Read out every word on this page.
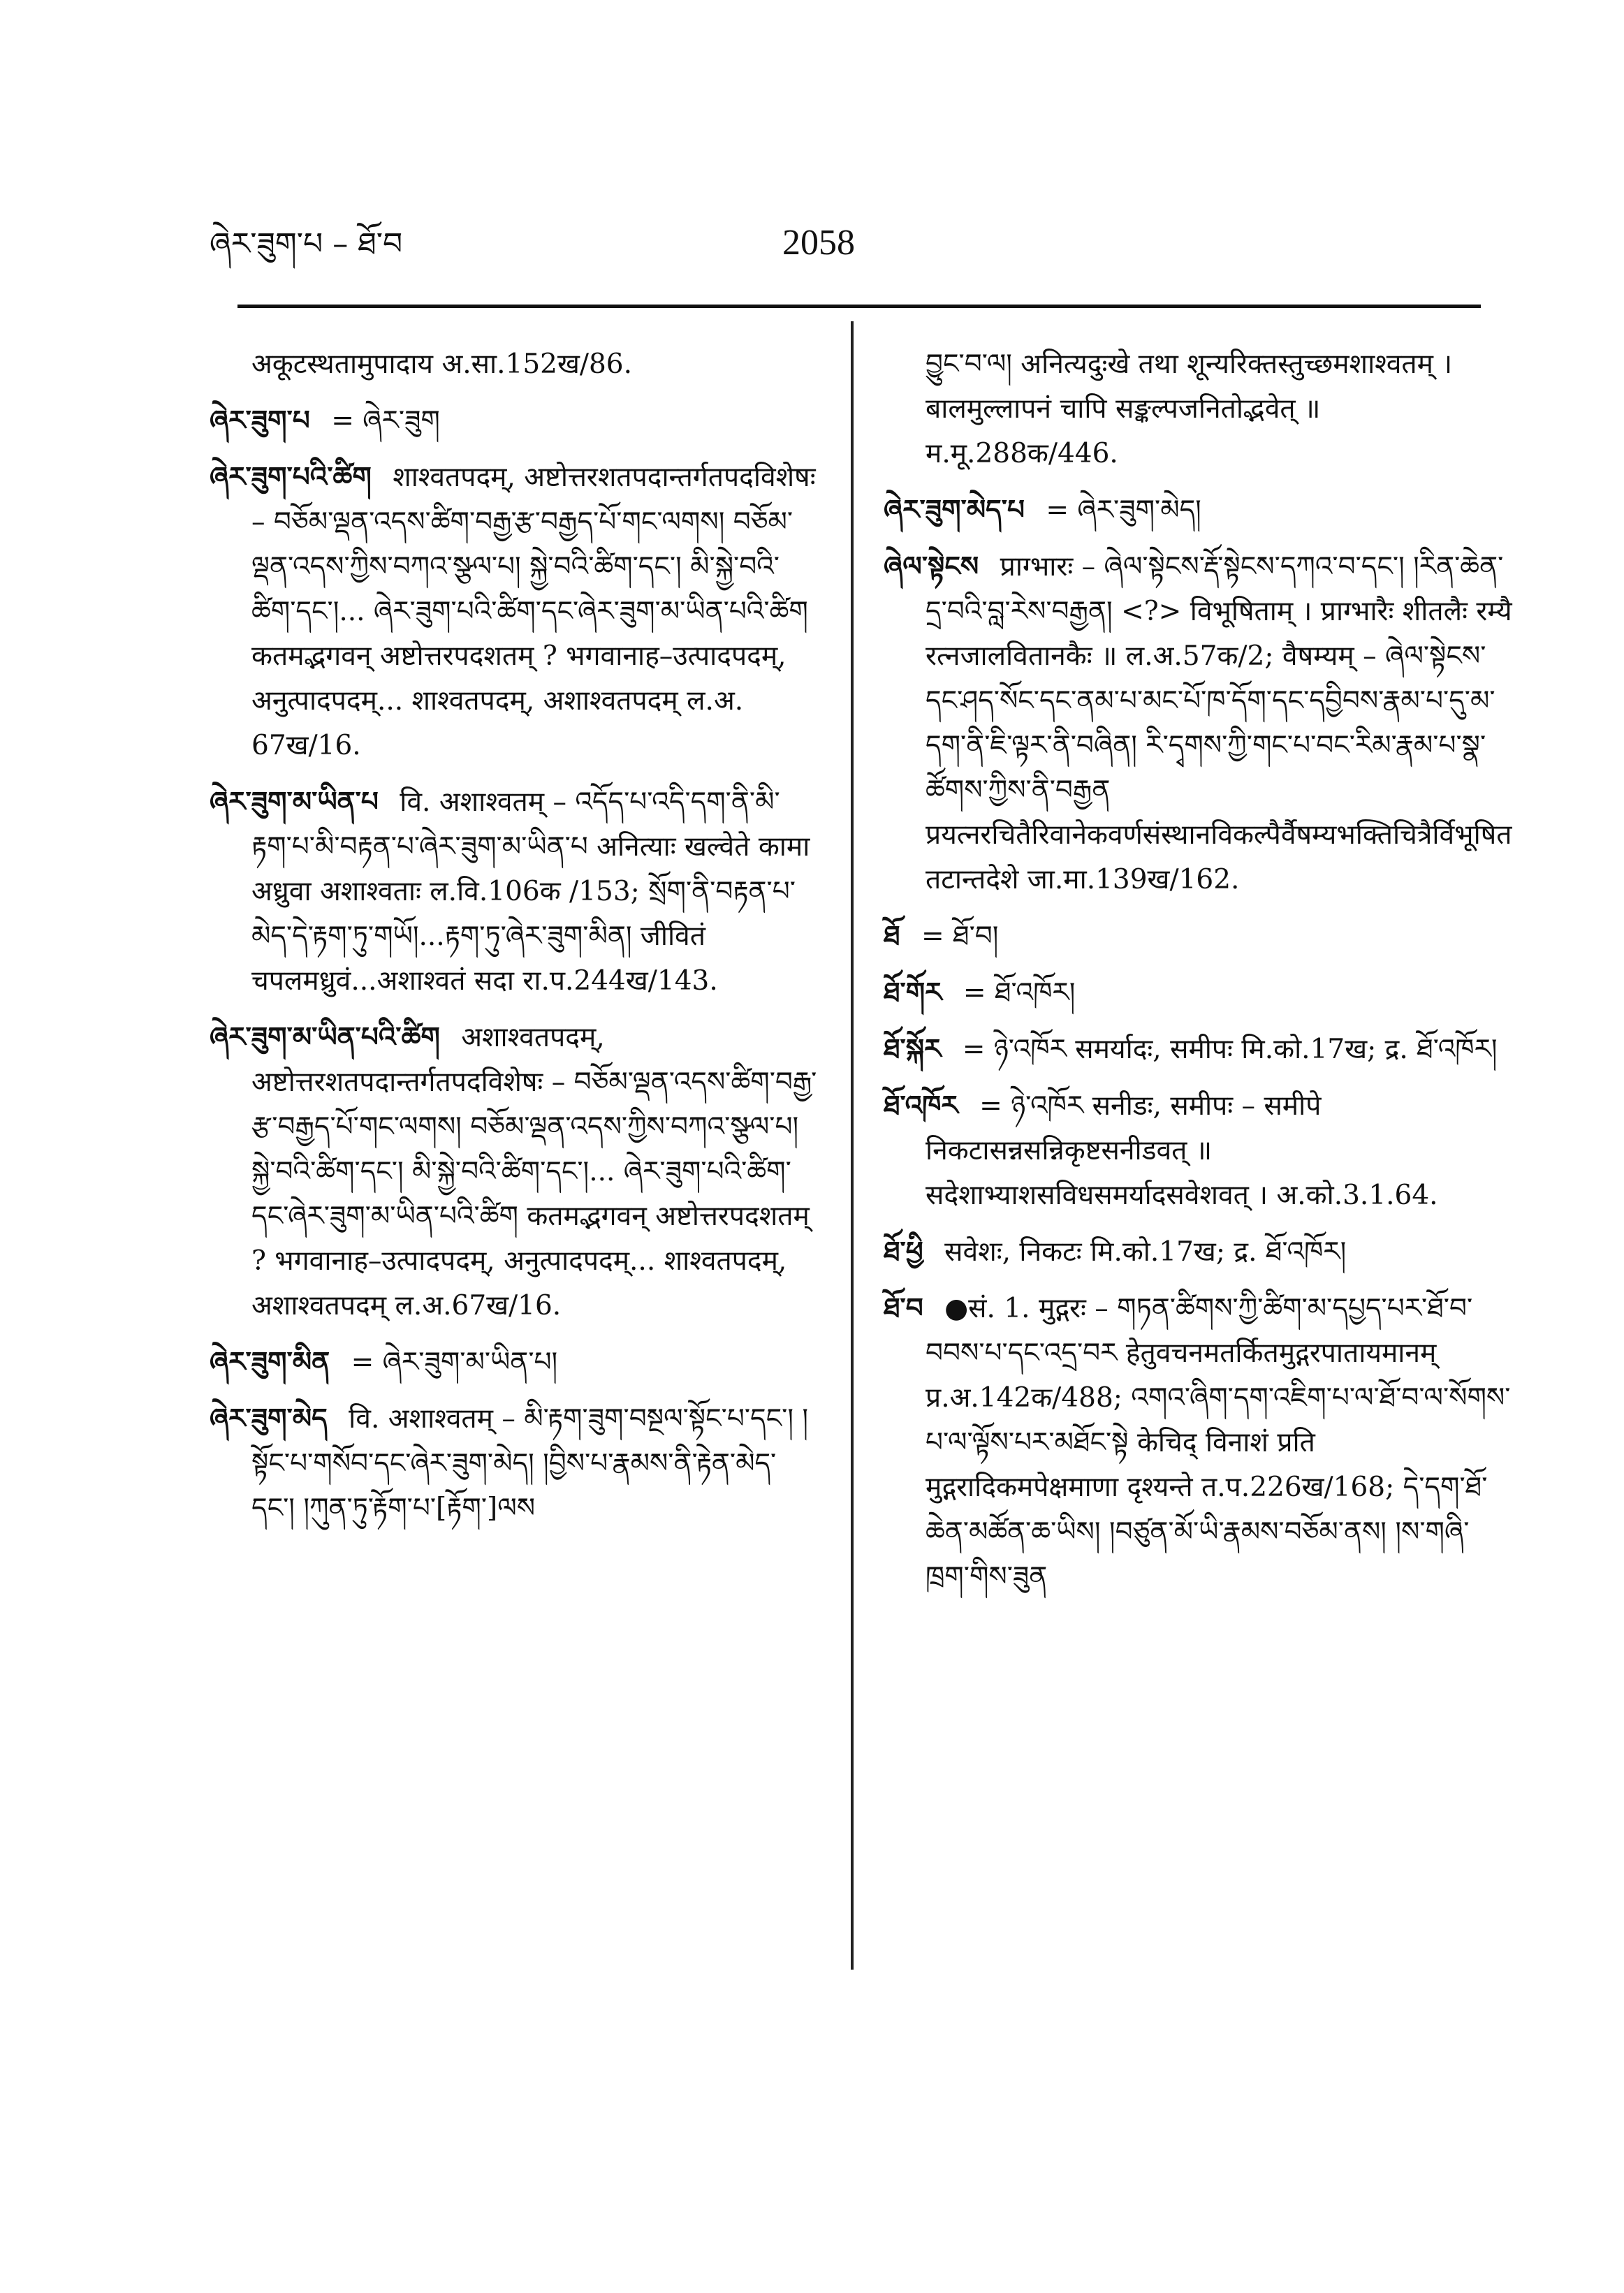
ཞེར་ཟུག་པ – ཐོ་བ	2058

अकूटस्थतामुपादाय अ.सा.152ख/86.

ཞེར་ཟུག་པ = ཞེར་ཟུག

ཞེར་ཟུག་པའི་ཚིག शाश्वतपदम्, अष्टोत्तरशतपदान्तर्गतपदविशेषः – བཅོམ་ལྡན་འདས་ཚིག་བརྒྱ་རྩ་བརྒྱད་པོ་གང་ལགས། བཅོམ་ལྡན་འདས་ཀྱིས་བཀའ་སྩལ་པ། སྐྱེ་བའི་ཚིག་དང་། མི་སྐྱེ་བའི་ཚིག་དང་།... ཞེར་ཟུག་པའི་ཚིག་དང་ཞེར་ཟུག་མ་ཡིན་པའི་ཚིག कतमद्भगवन् अष्टोत्तरपदशतम् ? भगवानाह–उत्पादपदम्, अनुत्पादपदम्... शाश्वतपदम्, अशाश्वतपदम् ल.अ. 67ख/16.

ཞེར་ཟུག་མ་ཡིན་པ वि. अशाश्वतम् – འདོད་པ་འདི་དག་ནི་མི་རྟག་པ་མི་བརྟན་པ་ཞེར་ཟུག་མ་ཡིན་པ अनित्याः खल्वेते कामा अध्रुवा अशाश्वताः ल.वि.106क /153; སྲོག་ནི་བརྟན་པ་མེད་དེ་རྟག་ཏུ་གཡོ།...རྟག་ཏུ་ཞེར་ཟུག་མིན། जीवितं चपलमध्रुवं...अशाश्वतं सदा रा.प.244ख/143.

ཞེར་ཟུག་མ་ཡིན་པའི་ཚིག अशाश्वतपदम्, अष्टोत्तरशतपदान्तर्गतपदविशेषः – བཅོམ་ལྡན་འདས་ཚིག་བརྒྱ་རྩ་བརྒྱད་པོ་གང་ལགས། བཅོམ་ལྡན་འདས་ཀྱིས་བཀའ་སྩལ་པ། སྐྱེ་བའི་ཚིག་དང་། མི་སྐྱེ་བའི་ཚིག་དང་།... ཞེར་ཟུག་པའི་ཚིག་དང་ཞེར་ཟུག་མ་ཡིན་པའི་ཚིག कतमद्भगवन् अष्टोत्तरपदशतम् ? भगवानाह–उत्पादपदम्, अनुत्पादपदम्... शाश्वतपदम्, अशाश्वतपदम् ल.अ.67ख/16.

ཞེར་ཟུག་མིན = ཞེར་ཟུག་མ་ཡིན་པ།

ཞེར་ཟུག་མེད वि. अशाश्वतम् – མི་རྟག་ཟུག་བསྔལ་སྟོང་པ་དང་། །སྟོང་པ་གསོབ་དང་ཞེར་ཟུག་མེད། །བྱིས་པ་རྣམས་ནི་རྟེན་མེད་དང་། །ཀུན་ཏུ་རྟོག་པ་[རྟོག་]ལས

བྱུང་བ་ལ། अनित्यदुःखे तथा शून्यरिक्तस्तुच्छमशाश्वतम् । बालमुल्लापनं चापि सङ्कल्पजनितोद्भवेत् ॥ म.मू.288क/446.

ཞེར་ཟུག་མེད་པ = ཞེར་ཟུག་མེད།

ཞེལ་སྟེངས प्राग्भारः – ཞེལ་སྟེངས་རྡོ་སྟེངས་དཀའ་བ་དང་། །རིན་ཆེན་དྲ་བའི་བླ་རེས་བརྒྱན། <?> विभूषिताम् । प्राग्भारैः शीतलैः रम्यै रत्नजालवितानकैः ॥ ल.अ.57क/2; वैषम्यम् – ཞེལ་སྟེངས་དང་ཤད་སོང་དང་ནམ་པ་མང་པོ་ཁ་དོག་དང་དབྱིབས་རྣམ་པ་དུ་མ་དག་ནི་ཇི་ལྟར་ནི་བཞིན། རི་དྭགས་ཀྱི་གང་པ་བང་རིམ་རྣམ་པ་སྣ་ཚོགས་ཀྱིས་ནི་བརྒྱན प्रयत्नरचितैरिवानेकवर्णसंस्थानविकल्पैर्वैषम्यभक्तिचित्रैर्विभूषिततटान्तदेशे जा.मा.139ख/162.

ཐོ = ཐོ་བ།

ཐོ་གོར = ཐོ་འཁོར།

ཐོ་སྐོར = ཉེ་འཁོར समर्यादः, समीपः मि.को.17ख; द्र. ཐོ་འཁོར།

ཐོ་འཁོར = ཉེ་འཁོར सनीडः, समीपः – समीपे निकटासन्नसन्निकृष्टसनीडवत् ॥ सदेशाभ्याशसविधसमर्यादसवेशवत् । अ.को.3.1.64.

ཐོ་ཕྱི सवेशः, निकटः मि.को.17ख; द्र. ཐོ་འཁོར།

ཐོ་བ ●सं. 1. मुद्गरः – གཏན་ཚིགས་ཀྱི་ཚིག་མ་དཔྱད་པར་ཐོ་བ་བབས་པ་དང་འདྲ་བར हेतुवचनमतर्कितमुद्गरपातायमानम् प्र.अ.142क/488; འགའ་ཞིག་དག་འཇིག་པ་ལ་ཐོ་བ་ལ་སོགས་པ་ལ་ལྟོས་པར་མཐོང་སྟེ केचिद् विनाशं प्रति मुद्गरादिकमपेक्षमाणा दृश्यन्ते त.प.226ख/168; དེ་དག་ཐོ་ཆེན་མཚོན་ཆ་ཡིས། །བཙུན་མོ་ཡི་རྣམས་བཅོམ་ནས། །ས་གཞི་ཁྲག་གིས་ཟུན
